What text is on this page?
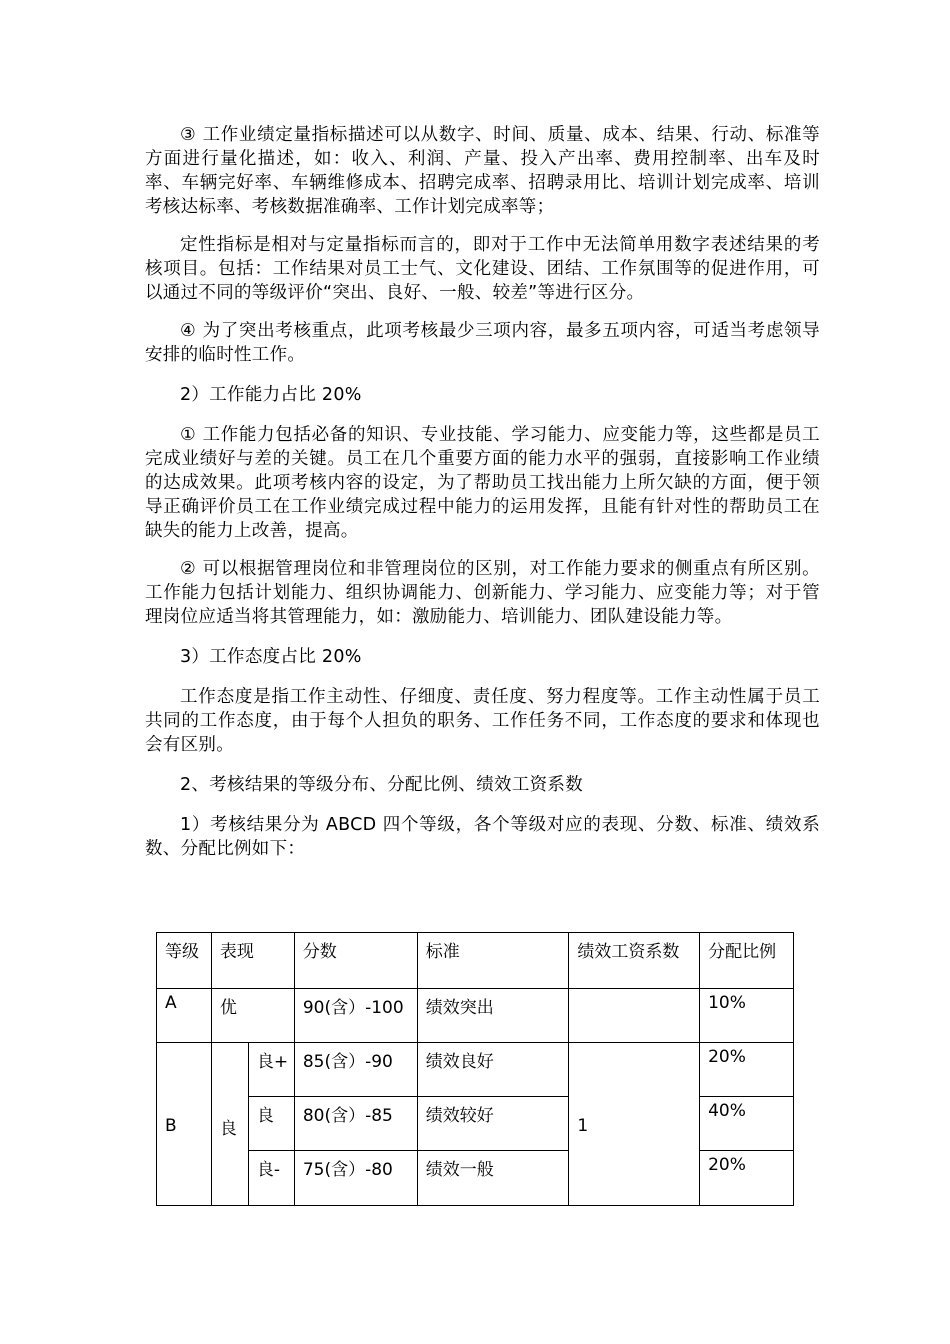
③ 工作业绩定量指标描述可以从数字、时间、质量、成本、结果、行动、标准等方面进行量化描述，如：收入、利润、产量、投入产出率、费用控制率、出车及时率、车辆完好率、车辆维修成本、招聘完成率、招聘录用比、培训计划完成率、培训考核达标率、考核数据准确率、工作计划完成率等；

定性指标是相对与定量指标而言的，即对于工作中无法简单用数字表述结果的考核项目。包括：工作结果对员工士气、文化建设、团结、工作氛围等的促进作用，可以通过不同的等级评价“突出、良好、一般、较差”等进行区分。

④ 为了突出考核重点，此项考核最少三项内容，最多五项内容，可适当考虑领导安排的临时性工作。

2）工作能力占比 20%

① 工作能力包括必备的知识、专业技能、学习能力、应变能力等，这些都是员工完成业绩好与差的关键。员工在几个重要方面的能力水平的强弱，直接影响工作业绩的达成效果。此项考核内容的设定，为了帮助员工找出能力上所欠缺的方面，便于领导正确评价员工在工作业绩完成过程中能力的运用发挥，且能有针对性的帮助员工在缺失的能力上改善，提高。

② 可以根据管理岗位和非管理岗位的区别，对工作能力要求的侧重点有所区别。工作能力包括计划能力、组织协调能力、创新能力、学习能力、应变能力等；对于管理岗位应适当将其管理能力，如：激励能力、培训能力、团队建设能力等。

3）工作态度占比 20%

工作态度是指工作主动性、仔细度、责任度、努力程度等。工作主动性属于员工共同的工作态度，由于每个人担负的职务、工作任务不同，工作态度的要求和体现也会有区别。

2、考核结果的等级分布、分配比例、绩效工资系数

1）考核结果分为 ABCD 四个等级，各个等级对应的表现、分数、标准、绩效系数、分配比例如下：

等级	表现		分数	标准	绩效工资系数	分配比例
A	优		90(含）-100	绩效突出		10%
B	良	良+	85(含）-90	绩效良好	1	20%
		良	80(含）-85	绩效较好		40%
		良-	75(含）-80	绩效一般		20%
